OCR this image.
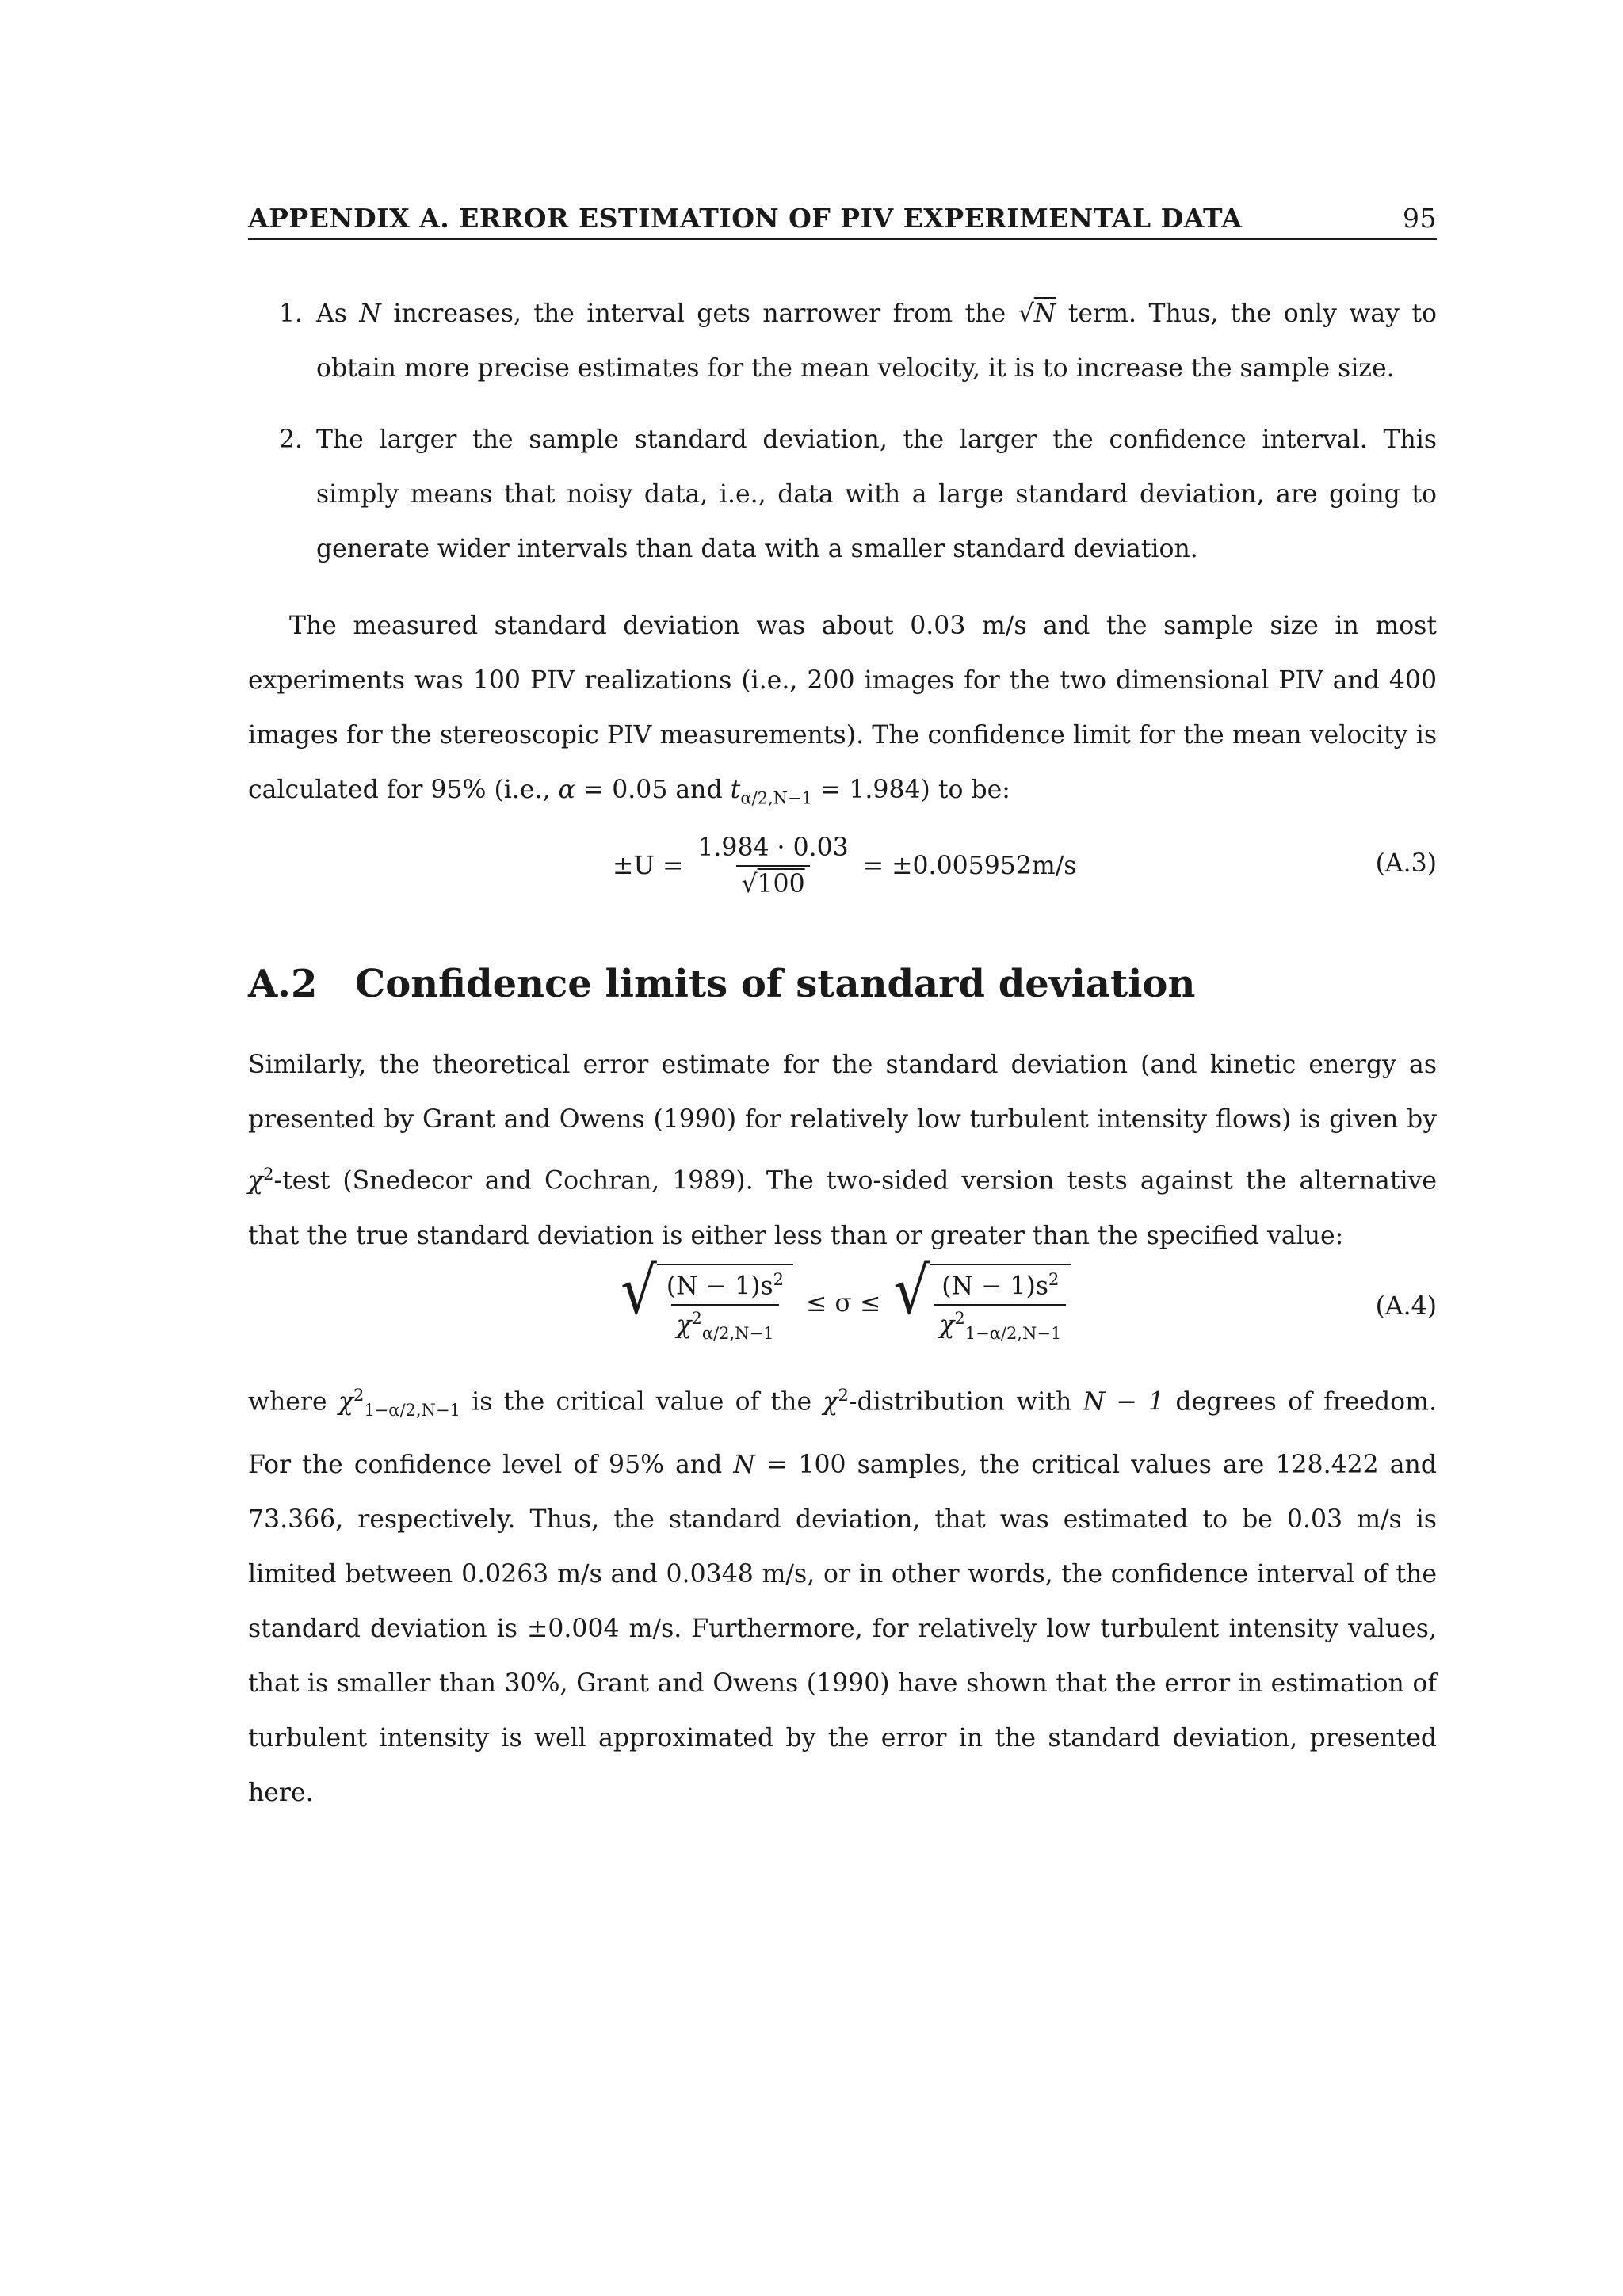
APPENDIX A. ERROR ESTIMATION OF PIV EXPERIMENTAL DATA	95
1. As N increases, the interval gets narrower from the √N term. Thus, the only way to obtain more precise estimates for the mean velocity, it is to increase the sample size.
2. The larger the sample standard deviation, the larger the confidence interval. This simply means that noisy data, i.e., data with a large standard deviation, are going to generate wider intervals than data with a smaller standard deviation.
The measured standard deviation was about 0.03 m/s and the sample size in most experiments was 100 PIV realizations (i.e., 200 images for the two dimensional PIV and 400 images for the stereoscopic PIV measurements). The confidence limit for the mean velocity is calculated for 95% (i.e., α = 0.05 and $t_{\alpha/2,N-1} = 1.984$) to be:
$\pm U = \frac{1.984 \cdot 0.03}{√100} = \pm 0.005952m/s$	(A.3)
A.2 Confidence limits of standard deviation
Similarly, the theoretical error estimate for the standard deviation (and kinetic energy as presented by Grant and Owens (1990) for relatively low turbulent intensity flows) is given by $\chi^2$-test (Snedecor and Cochran, 1989). The two-sided version tests against the alternative that the true standard deviation is either less than or greater than the specified value:
√ $\frac{(N - 1)s^2}{\chi^2_{\alpha/2,N-1}} \le \sigma$ ≤ √ $\frac{(N - 1)s^2}{\chi^2_{1-\alpha/2,N-1}}$	(A.4)
where $\chi^2_{1-\alpha/2,N-1}$ is the critical value of the $\chi^2$-distribution with N − 1 degrees of freedom. For the confidence level of 95% and N = 100 samples, the critical values are 128.422 and 73.366, respectively. Thus, the standard deviation, that was estimated to be 0.03 m/s is limited between 0.0263 m/s and 0.0348 m/s, or in other words, the confidence interval of the standard deviation is ±0.004 m/s. Furthermore, for relatively low turbulent intensity values, that is smaller than 30%, Grant and Owens (1990) have shown that the error in estimation of turbulent intensity is well approximated by the error in the standard deviation, presented here.
